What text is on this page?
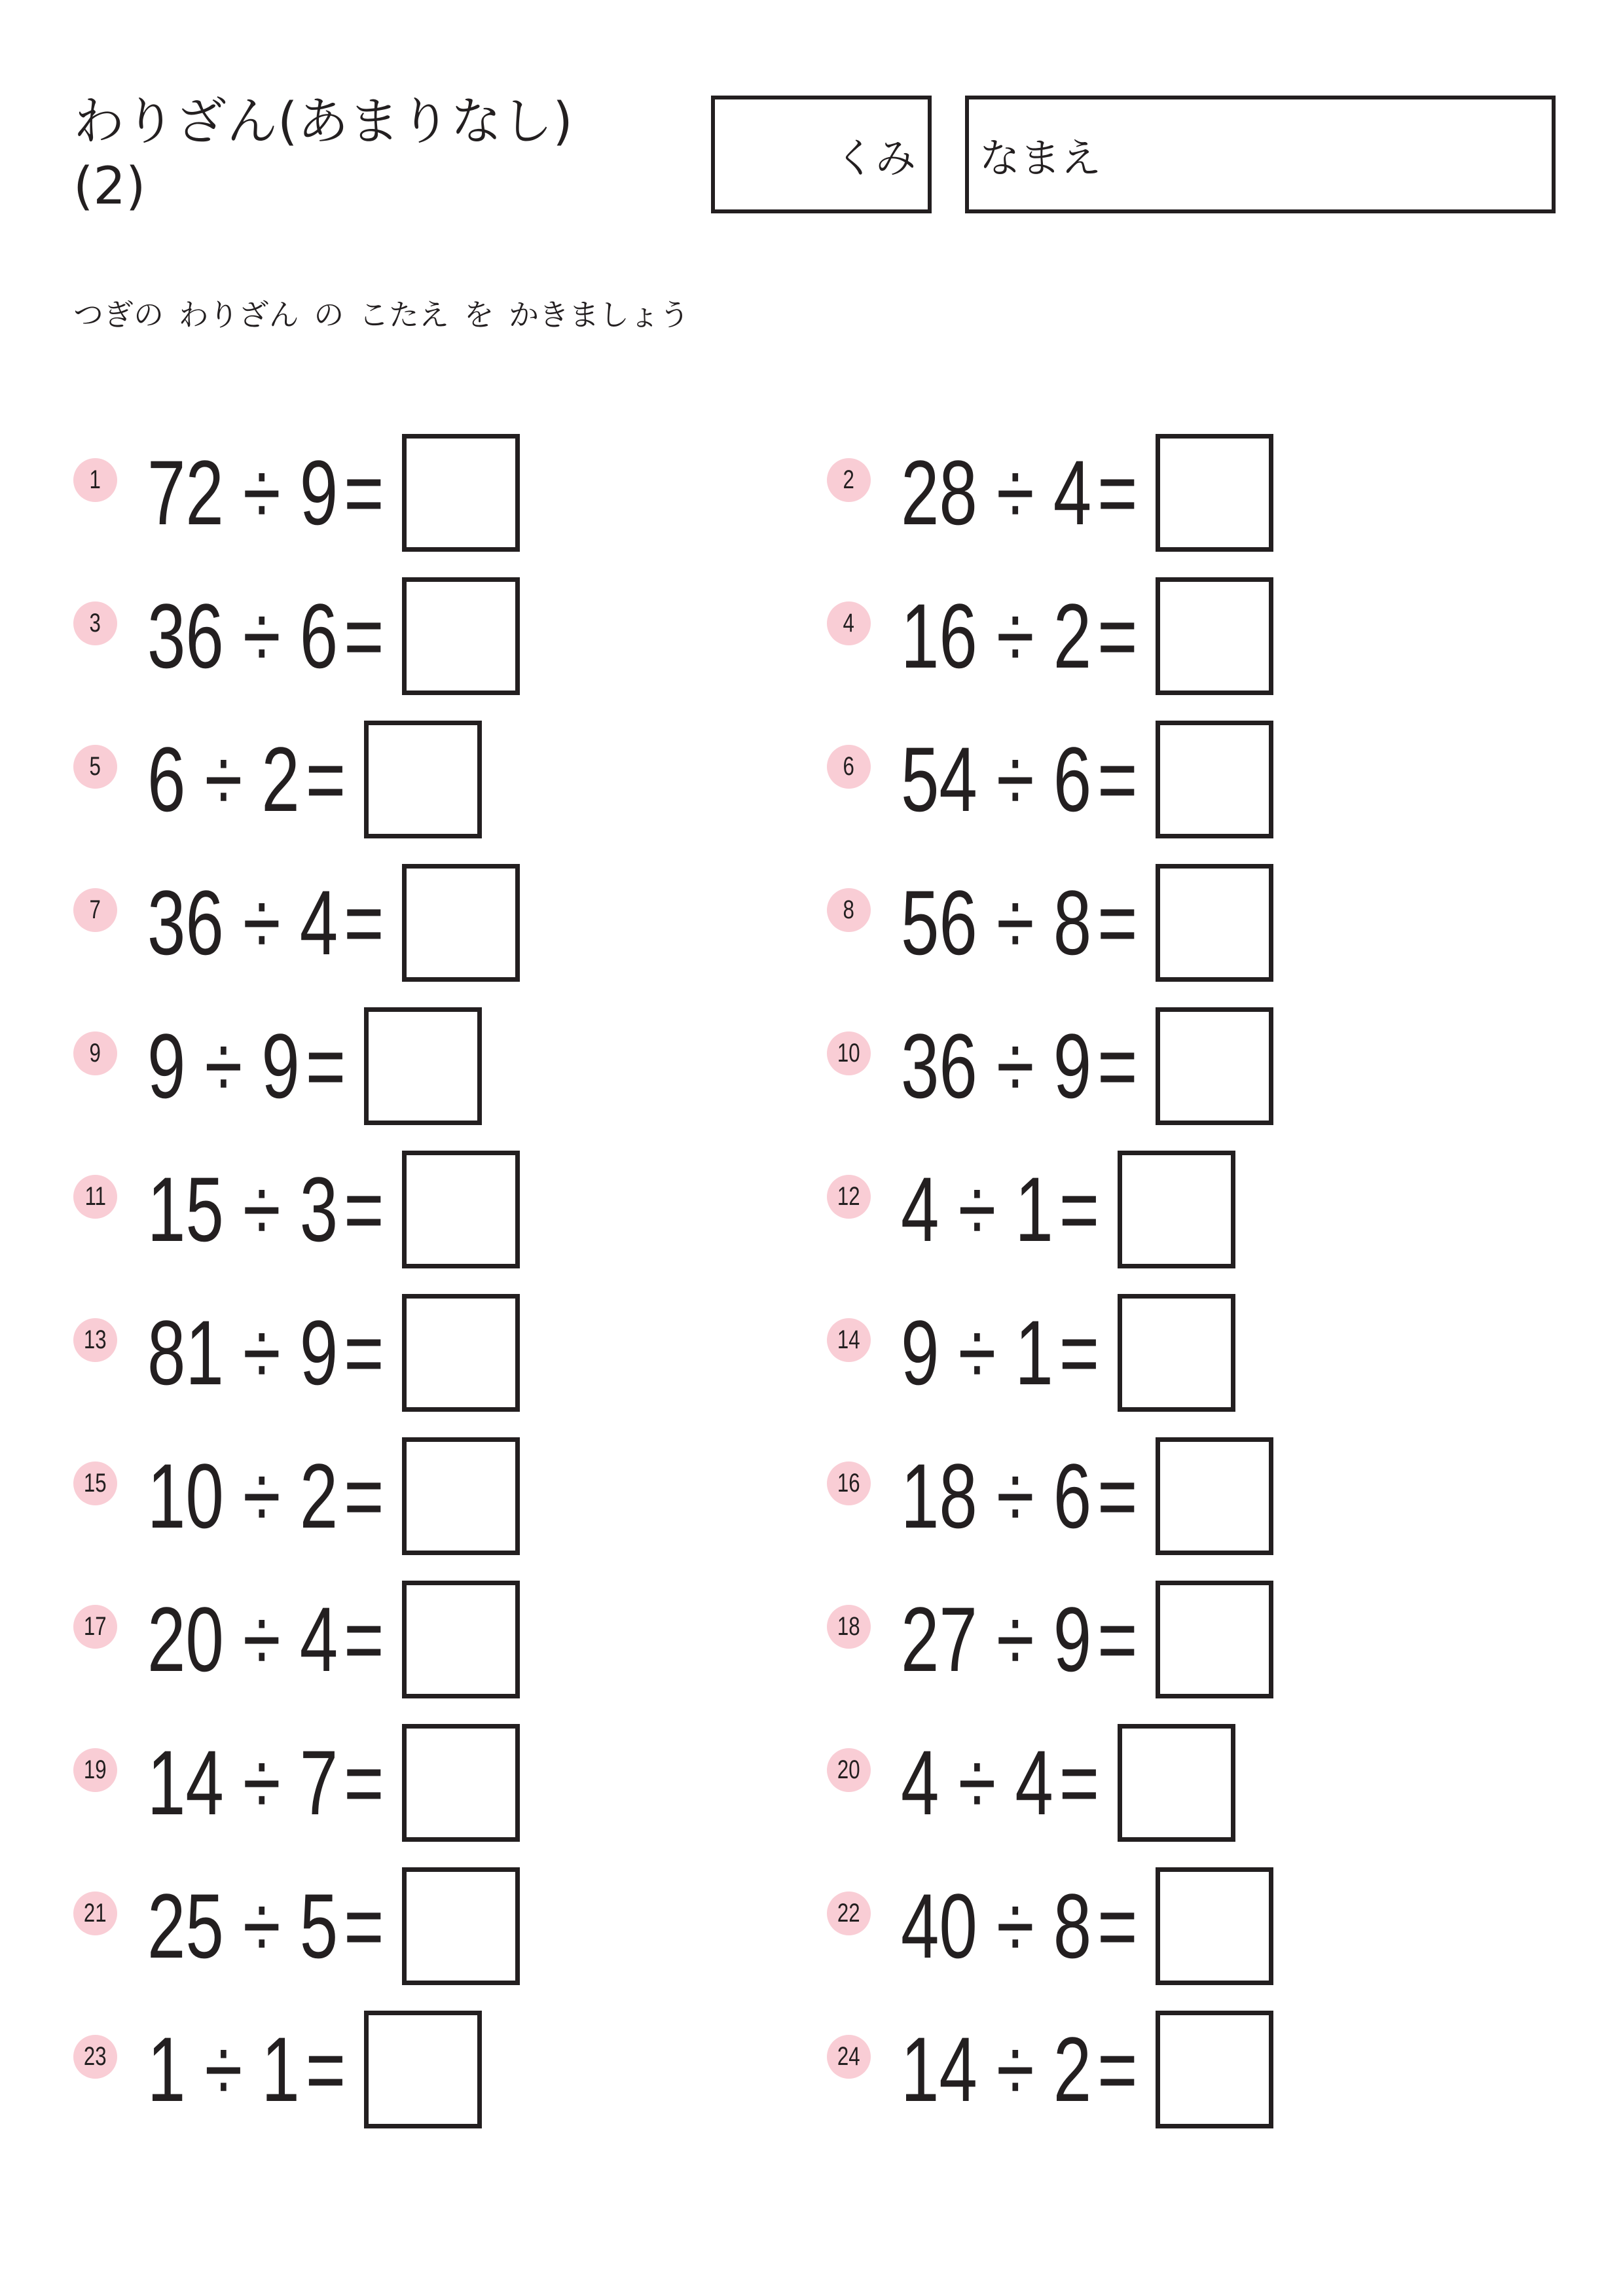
わりざん(あまりなし)
(2)	くみ なまえ
つぎの わりざん の こたえ を かきましょう
1 72 ÷ 9=	2 28 ÷ 4=
3 36 ÷ 6=	4 16 ÷ 2=
5 6 ÷ 2=	6 54 ÷ 6=
7 36 ÷ 4=	8 56 ÷ 8=
9 9 ÷ 9=	10 36 ÷ 9=
11 15 ÷ 3=	12 4 ÷ 1=
13 81 ÷ 9=	14 9 ÷ 1=
15 10 ÷ 2=	16 18 ÷ 6=
17 20 ÷ 4=	18 27 ÷ 9=
19 14 ÷ 7=	20 4 ÷ 4=
21 25 ÷ 5=	22 40 ÷ 8=
23 1 ÷ 1=	24 14 ÷ 2=
